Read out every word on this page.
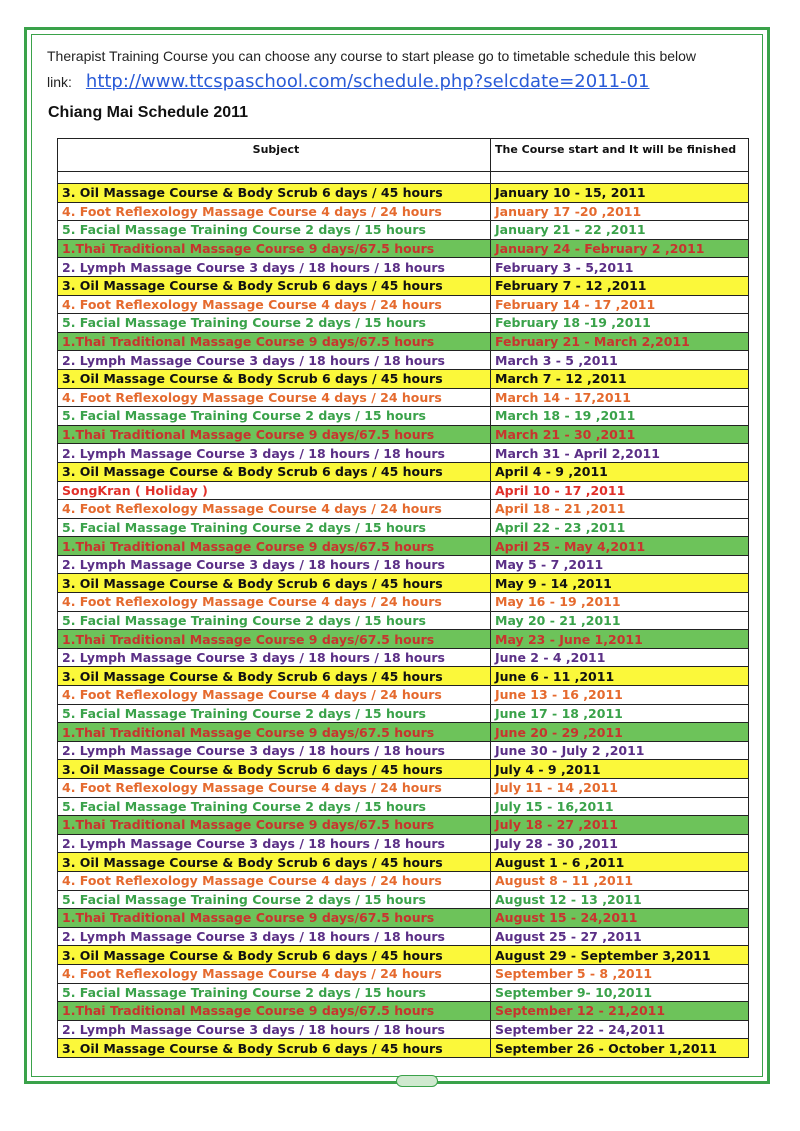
Therapist Training Course you can choose any course to start please go to timetable schedule this below
link: http://www.ttcspaschool.com/schedule.php?selcdate=2011-01
Chiang Mai Schedule 2011
Subject	The Course start and It will be finished

3. Oil Massage Course & Body Scrub 6 days / 45 hours	January 10 - 15, 2011
4. Foot Reflexology Massage Course 4 days / 24 hours	January 17 -20 ,2011
5. Facial Massage Training Course 2 days / 15 hours	January 21 - 22 ,2011
1.Thai Traditional Massage Course 9 days/67.5 hours	January 24 - February 2 ,2011
2. Lymph Massage Course 3 days / 18 hours / 18 hours	February 3 - 5,2011
3. Oil Massage Course & Body Scrub 6 days / 45 hours	February 7 - 12 ,2011
4. Foot Reflexology Massage Course 4 days / 24 hours	February 14 - 17 ,2011
5. Facial Massage Training Course 2 days / 15 hours	February 18 -19 ,2011
1.Thai Traditional Massage Course 9 days/67.5 hours	February 21 - March 2,2011
2. Lymph Massage Course 3 days / 18 hours / 18 hours	March 3 - 5 ,2011
3. Oil Massage Course & Body Scrub 6 days / 45 hours	March 7 - 12 ,2011
4. Foot Reflexology Massage Course 4 days / 24 hours	March 14 - 17,2011
5. Facial Massage Training Course 2 days / 15 hours	March 18 - 19 ,2011
1.Thai Traditional Massage Course 9 days/67.5 hours	March 21 - 30 ,2011
2. Lymph Massage Course 3 days / 18 hours / 18 hours	March 31 - April 2,2011
3. Oil Massage Course & Body Scrub 6 days / 45 hours	April 4 - 9 ,2011
SongKran ( Holiday )	April 10 - 17 ,2011
4. Foot Reflexology Massage Course 4 days / 24 hours	April 18 - 21 ,2011
5. Facial Massage Training Course 2 days / 15 hours	April 22 - 23 ,2011
1.Thai Traditional Massage Course 9 days/67.5 hours	April 25 - May 4,2011
2. Lymph Massage Course 3 days / 18 hours / 18 hours	May 5 - 7 ,2011
3. Oil Massage Course & Body Scrub 6 days / 45 hours	May 9 - 14 ,2011
4. Foot Reflexology Massage Course 4 days / 24 hours	May 16 - 19 ,2011
5. Facial Massage Training Course 2 days / 15 hours	May 20 - 21 ,2011
1.Thai Traditional Massage Course 9 days/67.5 hours	May 23 - June 1,2011
2. Lymph Massage Course 3 days / 18 hours / 18 hours	June 2 - 4 ,2011
3. Oil Massage Course & Body Scrub 6 days / 45 hours	June 6 - 11 ,2011
4. Foot Reflexology Massage Course 4 days / 24 hours	June 13 - 16 ,2011
5. Facial Massage Training Course 2 days / 15 hours	June 17 - 18 ,2011
1.Thai Traditional Massage Course 9 days/67.5 hours	June 20 - 29 ,2011
2. Lymph Massage Course 3 days / 18 hours / 18 hours	June 30 - July 2 ,2011
3. Oil Massage Course & Body Scrub 6 days / 45 hours	July 4 - 9 ,2011
4. Foot Reflexology Massage Course 4 days / 24 hours	July 11 - 14 ,2011
5. Facial Massage Training Course 2 days / 15 hours	July 15 - 16,2011
1.Thai Traditional Massage Course 9 days/67.5 hours	July 18 - 27 ,2011
2. Lymph Massage Course 3 days / 18 hours / 18 hours	July 28 - 30 ,2011
3. Oil Massage Course & Body Scrub 6 days / 45 hours	August 1 - 6 ,2011
4. Foot Reflexology Massage Course 4 days / 24 hours	August 8 - 11 ,2011
5. Facial Massage Training Course 2 days / 15 hours	August 12 - 13 ,2011
1.Thai Traditional Massage Course 9 days/67.5 hours	August 15 - 24,2011
2. Lymph Massage Course 3 days / 18 hours / 18 hours	August 25 - 27 ,2011
3. Oil Massage Course & Body Scrub 6 days / 45 hours	August 29 - September 3,2011
4. Foot Reflexology Massage Course 4 days / 24 hours	September 5 - 8 ,2011
5. Facial Massage Training Course 2 days / 15 hours	September 9- 10,2011
1.Thai Traditional Massage Course 9 days/67.5 hours	September 12 - 21,2011
2. Lymph Massage Course 3 days / 18 hours / 18 hours	September 22 - 24,2011
3. Oil Massage Course & Body Scrub 6 days / 45 hours	September 26 - October 1,2011
